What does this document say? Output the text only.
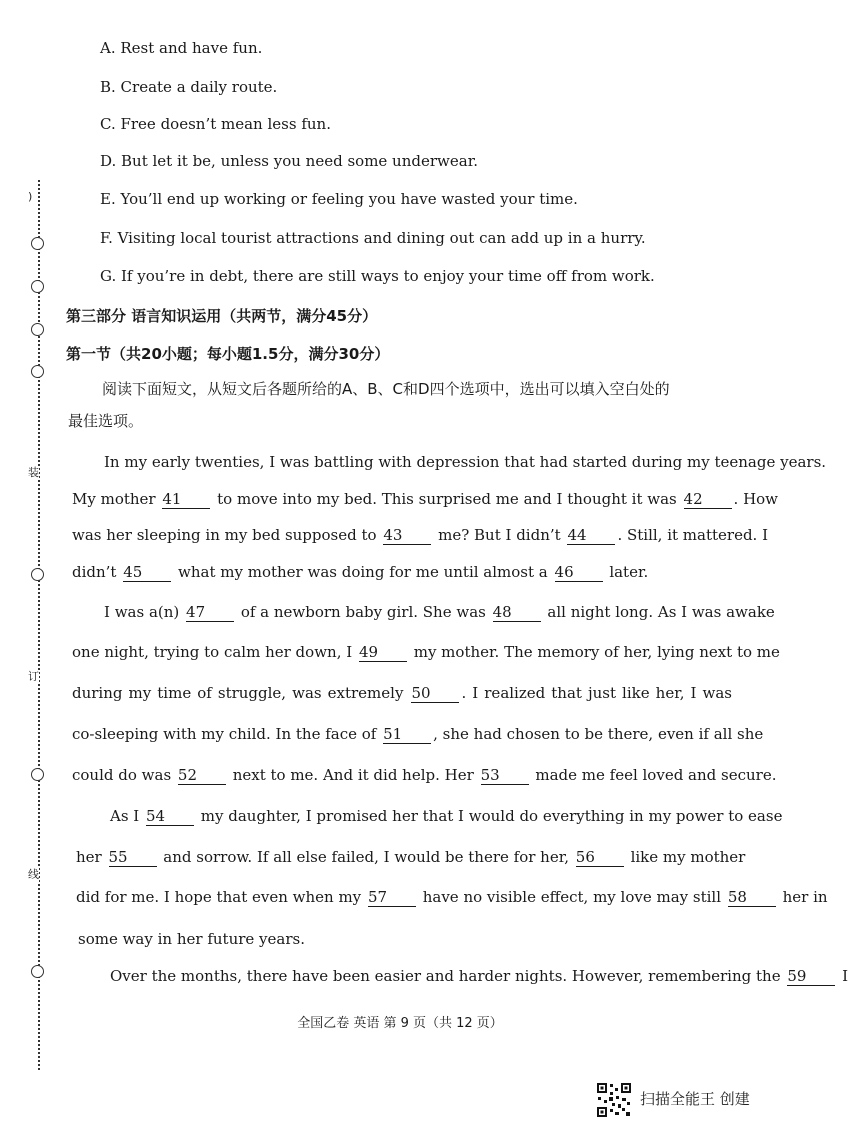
)
装
订
线
A. Rest and have fun.
B. Create a daily route.
C. Free doesn’t mean less fun.
D. But let it be, unless you need some underwear.
E. You’ll end up working or feeling you have wasted your time.
F. Visiting local tourist attractions and dining out can add up in a hurry.
G. If you’re in debt, there are still ways to enjoy your time off from work.
第三部分 语言知识运用（共两节，满分45分）
第一节（共20小题；每小题1.5分，满分30分）
阅读下面短文，从短文后各题所给的A、B、C和D四个选项中，选出可以填入空白处的
最佳选项。
In my early twenties, I was battling with depression that had started during my teenage years.
My mother 41 to move into my bed. This surprised me and I thought it was 42 . How
was her sleeping in my bed supposed to 43 me? But I didn’t 44 . Still, it mattered. I
didn’t 45 what my mother was doing for me until almost a 46 later.
I was a(n) 47 of a newborn baby girl. She was 48 all night long. As I was awake
one night, trying to calm her down, I 49 my mother. The memory of her, lying next to me
during my time of struggle, was extremely 50 . I realized that just like her, I was
co-sleeping with my child. In the face of 51 , she had chosen to be there, even if all she
could do was 52 next to me. And it did help. Her 53 made me feel loved and secure.
As I 54 my daughter, I promised her that I would do everything in my power to ease
her 55 and sorrow. If all else failed, I would be there for her, 56 like my mother
did for me. I hope that even when my 57 have no visible effect, my love may still 58 her in
some way in her future years.
Over the months, there have been easier and harder nights. However, remembering the 59 I
全国乙卷 英语 第 9 页（共 12 页）
扫描全能王 创建
